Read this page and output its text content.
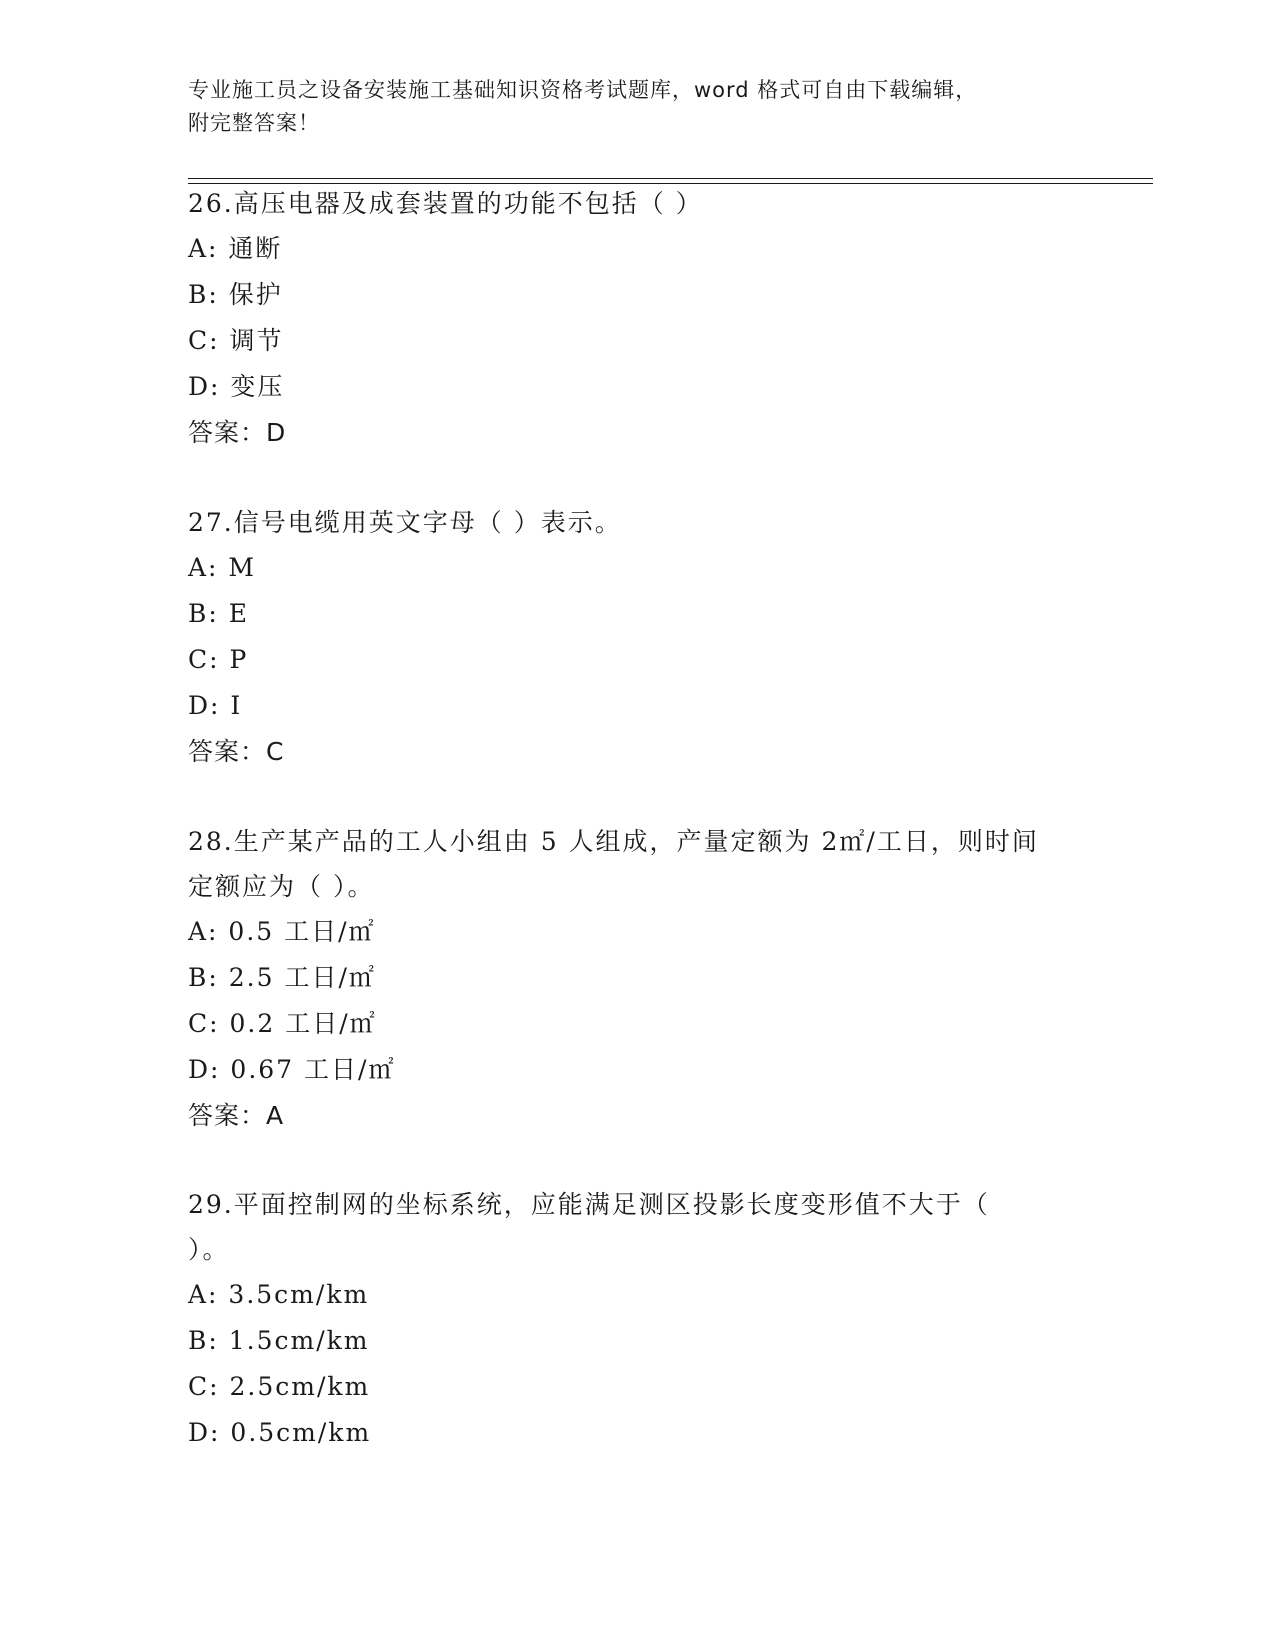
专业施工员之设备安装施工基础知识资格考试题库，word 格式可自由下载编辑，
附完整答案！
26.高压电器及成套装置的功能不包括（ ）
A: 通断
B: 保护
C: 调节
D: 变压
答案：D
27.信号电缆用英文字母（ ）表示。
A: M
B: E
C: P
D: I
答案：C
28.生产某产品的工人小组由 5 人组成，产量定额为 2㎡/工日，则时间
定额应为（ ）。
A: 0.5 工日/㎡
B: 2.5 工日/㎡
C: 0.2 工日/㎡
D: 0.67 工日/㎡
答案：A
29.平面控制网的坐标系统，应能满足测区投影长度变形值不大于（
）。
A: 3.5cm/km
B: 1.5cm/km
C: 2.5cm/km
D: 0.5cm/km
